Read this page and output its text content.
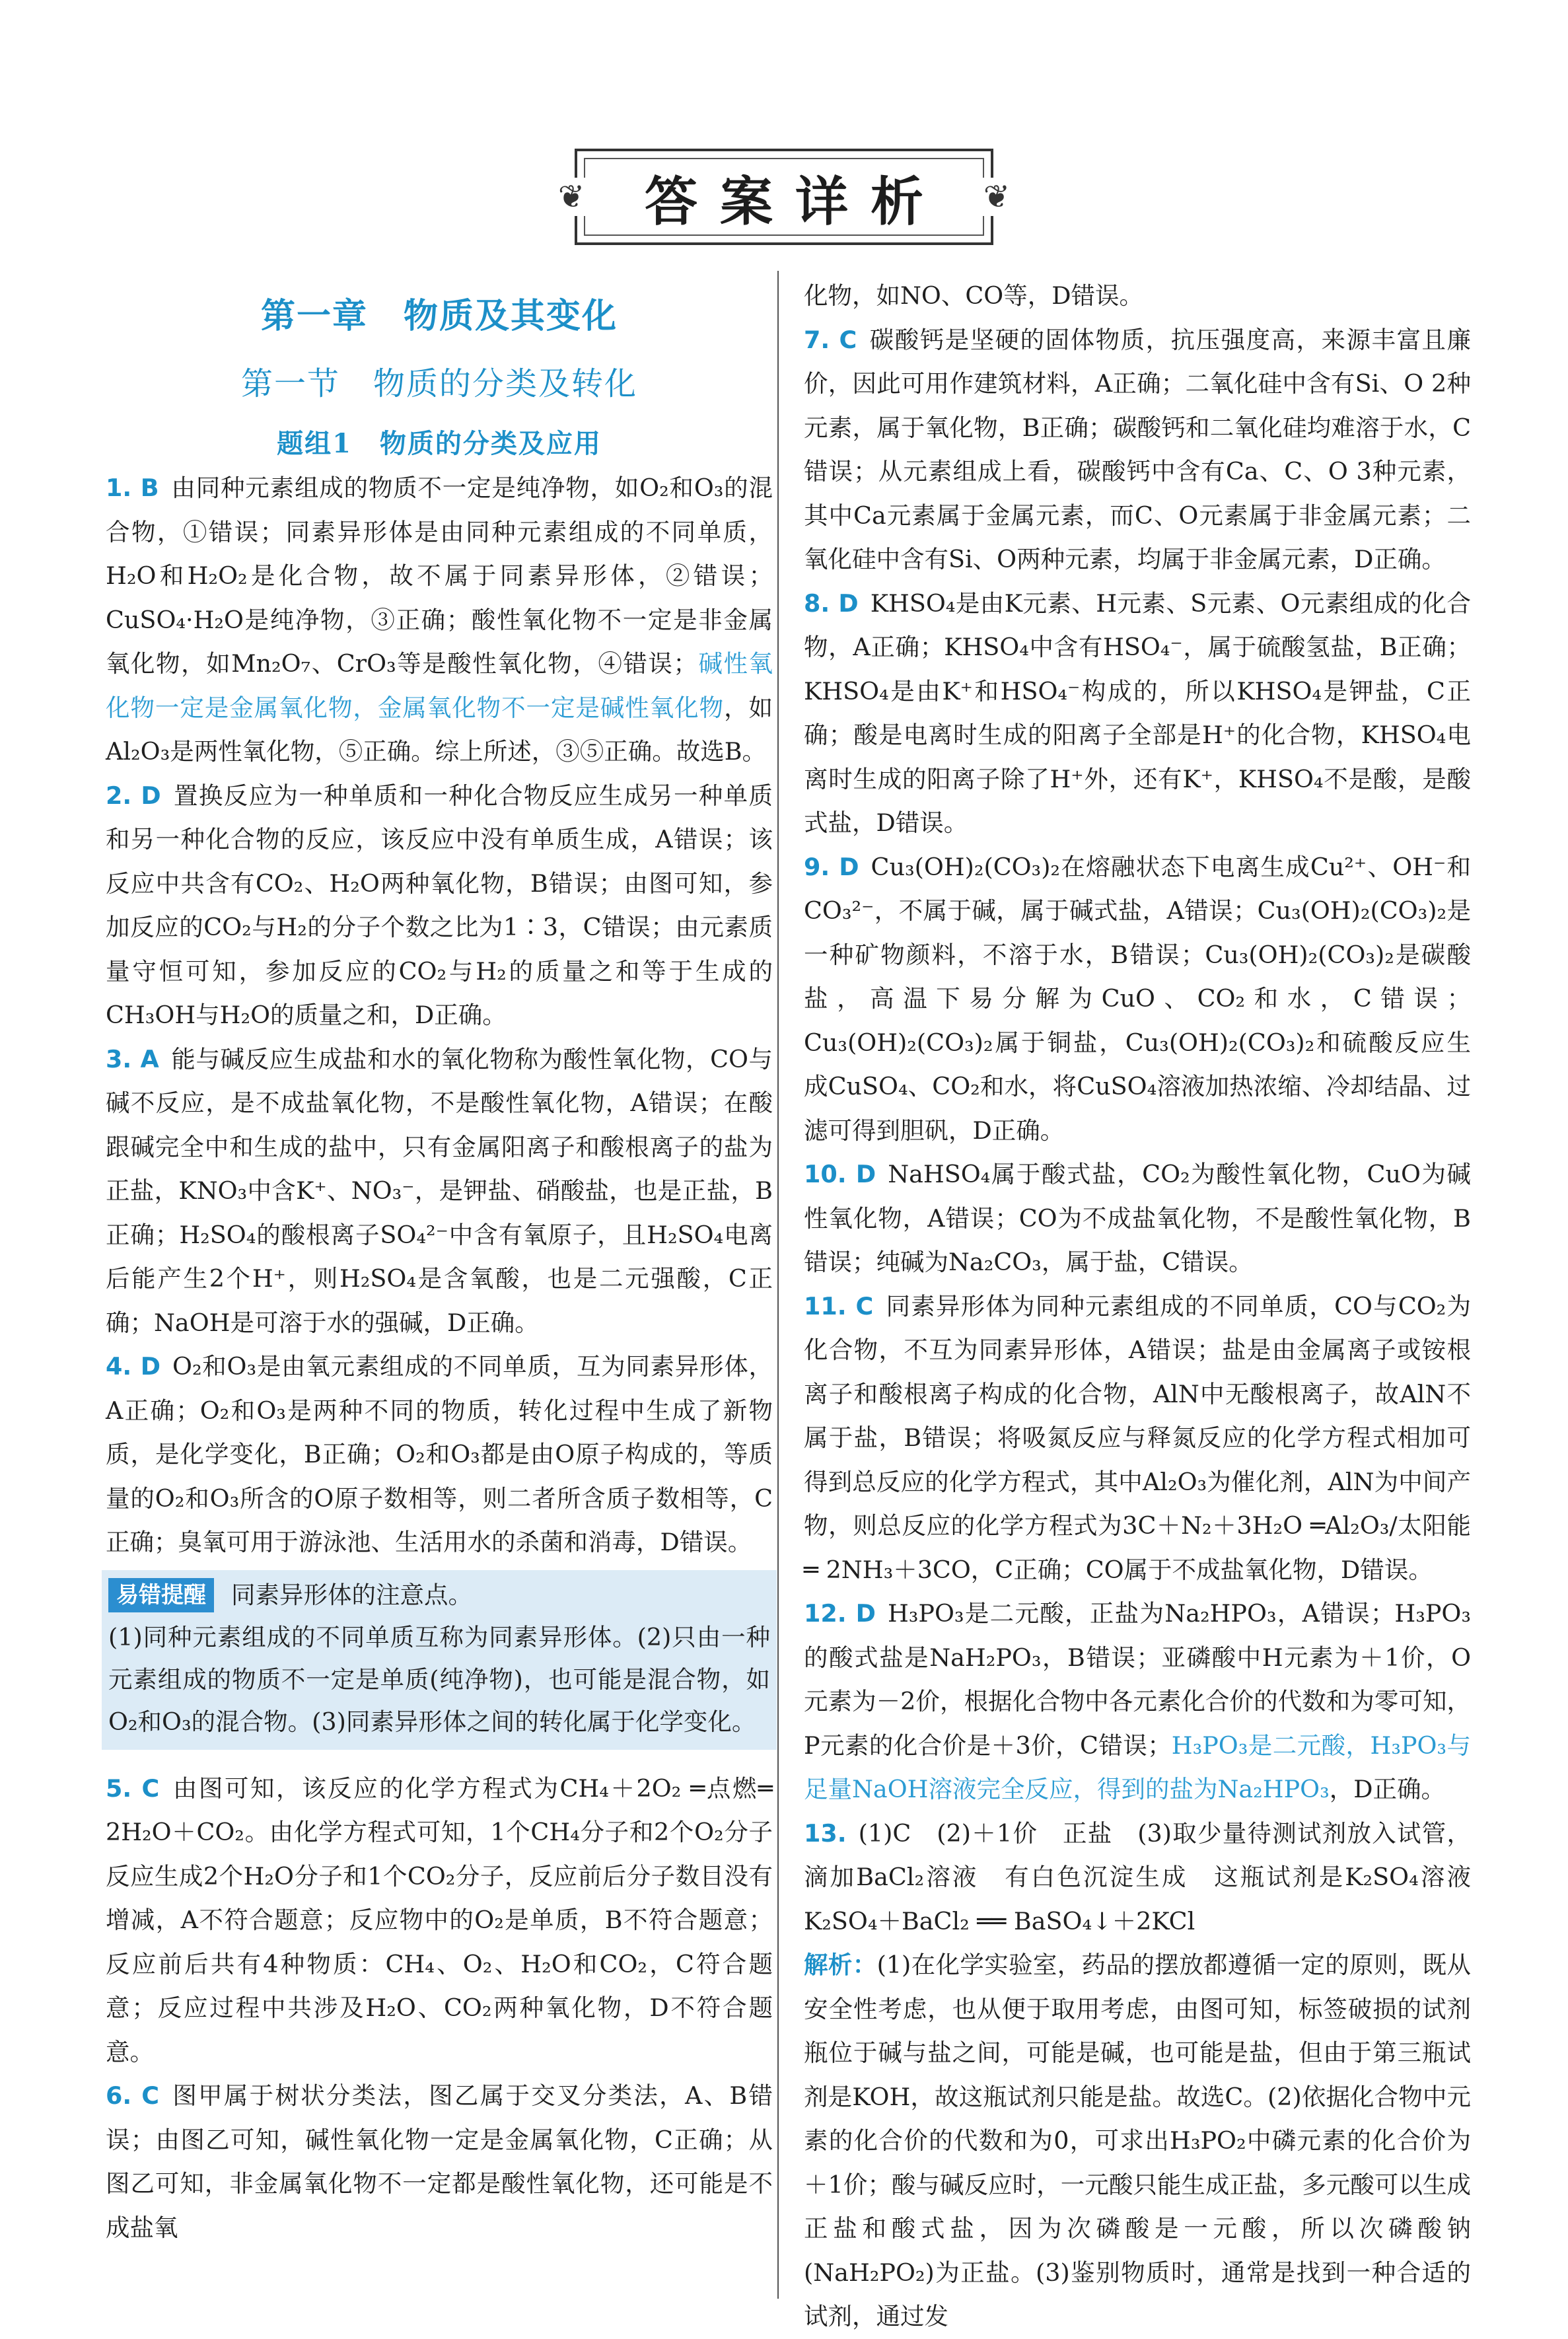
❦	答案详析 ❦
第一章　物质及其变化
第一节　物质的分类及转化
题组1　物质的分类及应用

1. B 由同种元素组成的物质不一定是纯净物，如O₂和O₃的混合物，①错误；同素异形体是由同种元素组成的不同单质，H₂O和H₂O₂是化合物，故不属于同素异形体，②错误；CuSO₄·H₂O是纯净物，③正确；酸性氧化物不一定是非金属氧化物，如Mn₂O₇、CrO₃等是酸性氧化物，④错误；碱性氧化物一定是金属氧化物，金属氧化物不一定是碱性氧化物，如Al₂O₃是两性氧化物，⑤正确。综上所述，③⑤正确。故选B。

2. D 置换反应为一种单质和一种化合物反应生成另一种单质和另一种化合物的反应，该反应中没有单质生成，A错误；该反应中共含有CO₂、H₂O两种氧化物，B错误；由图可知，参加反应的CO₂与H₂的分子个数之比为1∶3，C错误；由元素质量守恒可知，参加反应的CO₂与H₂的质量之和等于生成的CH₃OH与H₂O的质量之和，D正确。

3. A 能与碱反应生成盐和水的氧化物称为酸性氧化物，CO与碱不反应，是不成盐氧化物，不是酸性氧化物，A错误；在酸跟碱完全中和生成的盐中，只有金属阳离子和酸根离子的盐为正盐，KNO₃中含K⁺、NO₃⁻，是钾盐、硝酸盐，也是正盐，B正确；H₂SO₄的酸根离子SO₄²⁻中含有氧原子，且H₂SO₄电离后能产生2个H⁺，则H₂SO₄是含氧酸，也是二元强酸，C正确；NaOH是可溶于水的强碱，D正确。

4. D O₂和O₃是由氧元素组成的不同单质，互为同素异形体，A正确；O₂和O₃是两种不同的物质，转化过程中生成了新物质，是化学变化，B正确；O₂和O₃都是由O原子构成的，等质量的O₂和O₃所含的O原子数相等，则二者所含质子数相等，C正确；臭氧可用于游泳池、生活用水的杀菌和消毒，D错误。

易错提醒	同素异形体的注意点。
(1)同种元素组成的不同单质互称为同素异形体。(2)只由一种元素组成的物质不一定是单质(纯净物)，也可能是混合物，如O₂和O₃的混合物。(3)同素异形体之间的转化属于化学变化。

5. C 由图可知，该反应的化学方程式为CH₄＋2O₂ ═点燃═ 2H₂O＋CO₂。由化学方程式可知，1个CH₄分子和2个O₂分子反应生成2个H₂O分子和1个CO₂分子，反应前后分子数目没有增减，A不符合题意；反应物中的O₂是单质，B不符合题意；反应前后共有4种物质：CH₄、O₂、H₂O和CO₂，C符合题意；反应过程中共涉及H₂O、CO₂两种氧化物，D不符合题意。

6. C 图甲属于树状分类法，图乙属于交叉分类法，A、B错误；由图乙可知，碱性氧化物一定是金属氧化物，C正确；从图乙可知，非金属氧化物不一定都是酸性氧化物，还可能是不成盐氧

化物，如NO、CO等，D错误。

7. C 碳酸钙是坚硬的固体物质，抗压强度高，来源丰富且廉价，因此可用作建筑材料，A正确；二氧化硅中含有Si、O 2种元素，属于氧化物，B正确；碳酸钙和二氧化硅均难溶于水，C错误；从元素组成上看，碳酸钙中含有Ca、C、O 3种元素，其中Ca元素属于金属元素，而C、O元素属于非金属元素；二氧化硅中含有Si、O两种元素，均属于非金属元素，D正确。

8. D KHSO₄是由K元素、H元素、S元素、O元素组成的化合物，A正确；KHSO₄中含有HSO₄⁻，属于硫酸氢盐，B正确；KHSO₄是由K⁺和HSO₄⁻构成的，所以KHSO₄是钾盐，C正确；酸是电离时生成的阳离子全部是H⁺的化合物，KHSO₄电离时生成的阳离子除了H⁺外，还有K⁺，KHSO₄不是酸，是酸式盐，D错误。

9. D Cu₃(OH)₂(CO₃)₂在熔融状态下电离生成Cu²⁺、OH⁻和CO₃²⁻，不属于碱，属于碱式盐，A错误；Cu₃(OH)₂(CO₃)₂是一种矿物颜料，不溶于水，B错误；Cu₃(OH)₂(CO₃)₂是碳酸盐，高温下易分解为CuO、CO₂和水，C错误；Cu₃(OH)₂(CO₃)₂属于铜盐，Cu₃(OH)₂(CO₃)₂和硫酸反应生成CuSO₄、CO₂和水，将CuSO₄溶液加热浓缩、冷却结晶、过滤可得到胆矾，D正确。

10. D NaHSO₄属于酸式盐，CO₂为酸性氧化物，CuO为碱性氧化物，A错误；CO为不成盐氧化物，不是酸性氧化物，B错误；纯碱为Na₂CO₃，属于盐，C错误。

11. C 同素异形体为同种元素组成的不同单质，CO与CO₂为化合物，不互为同素异形体，A错误；盐是由金属离子或铵根离子和酸根离子构成的化合物，AlN中无酸根离子，故AlN不属于盐，B错误；将吸氮反应与释氮反应的化学方程式相加可得到总反应的化学方程式，其中Al₂O₃为催化剂，AlN为中间产物，则总反应的化学方程式为3C＋N₂＋3H₂O ═Al₂O₃/太阳能═ 2NH₃＋3CO，C正确；CO属于不成盐氧化物，D错误。

12. D H₃PO₃是二元酸，正盐为Na₂HPO₃，A错误；H₃PO₃的酸式盐是NaH₂PO₃，B错误；亚磷酸中H元素为＋1价，O元素为－2价，根据化合物中各元素化合价的代数和为零可知，P元素的化合价是＋3价，C错误；H₃PO₃是二元酸，H₃PO₃与足量NaOH溶液完全反应，得到的盐为Na₂HPO₃，D正确。

13. (1)C　(2)＋1价　正盐　(3)取少量待测试剂放入试管，滴加BaCl₂溶液　有白色沉淀生成　这瓶试剂是K₂SO₄溶液　K₂SO₄＋BaCl₂ ══ BaSO₄↓＋2KCl

解析：(1)在化学实验室，药品的摆放都遵循一定的原则，既从安全性考虑，也从便于取用考虑，由图可知，标签破损的试剂瓶位于碱与盐之间，可能是碱，也可能是盐，但由于第三瓶试剂是KOH，故这瓶试剂只能是盐。故选C。(2)依据化合物中元素的化合价的代数和为0，可求出H₃PO₂中磷元素的化合价为＋1价；酸与碱反应时，一元酸只能生成正盐，多元酸可以生成正盐和酸式盐，因为次磷酸是一元酸，所以次磷酸钠(NaH₂PO₂)为正盐。(3)鉴别物质时，通常是找到一种合适的试剂，通过发
